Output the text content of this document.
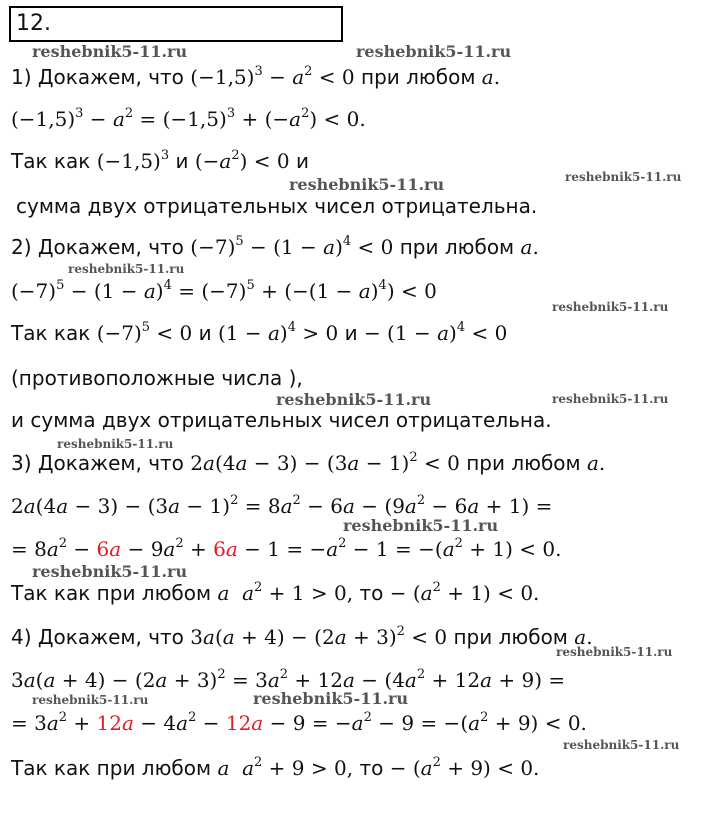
12.
1) Докажем, что $(-1,5)^3 - a^2 < 0$ при любом a.
$(-1,5)^3 - a^2 = (-1,5)^3 + (-a^2) < 0$.
Так как $(-1,5)^3$ и $(-a^2) < 0$ и
сумма двух отрицательных чисел отрицательна.
2) Докажем, что $(-7)^5 - (1 - a)^4 < 0$ при любом a.
$(-7)^5 - (1 - a)^4 = (-7)^5 + (-(1 - a)^4) < 0$
Так как $(-7)^5 < 0$ и $(1 - a)^4 > 0$ $и - (1 - a)^4 < 0$
(противоположные числа ),
и сумма двух отрицательных чисел отрицательна.
3) Докажем, что $2a(4a - 3) - (3a - 1)^2 < 0$ при любом a.
$2a(4a - 3) - (3a - 1)^2 = 8a^2 - 6a - (9a^2 - 6a + 1)$ =
= $8a^2 - 6a - 9a^2 + 6a - 1 = -a^2 - 1 = -(a^2 + 1) < 0$.
Так как при любом a $a^2 + 1 > 0$, то − $(a^2 + 1) < 0$.
4) Докажем, что $3a(a + 4) - (2a + 3)^2 < 0$ при любом a.
$3a(a + 4) - (2a + 3)^2 = 3a^2 + 12a - (4a^2 + 12a + 9)$ =
= $3a^2 + 12a - 4a^2 - 12a - 9 = -a^2 - 9 = -(a^2 + 9) < 0$.
Так как при любом a $a^2 + 9 > 0$, то − $(a^2 + 9) < 0$.
reshebnik5-11.ru	reshebnik5-11.ru
reshebnik5-11.ru	reshebnik5-11.ru
reshebnik5-11.ru
reshebnik5-11.ru
reshebnik5-11.ru	reshebnik5-11.ru
reshebnik5-11.ru
reshebnik5-11.ru
reshebnik5-11.ru
reshebnik5-11.ru
reshebnik5-11.ru	reshebnik5-11.ru
reshebnik5-11.ru
